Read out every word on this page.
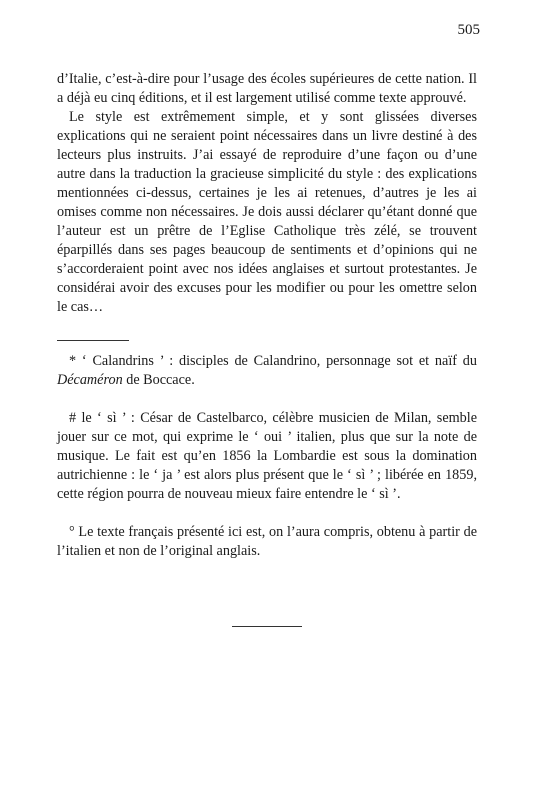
505

d’Italie, c’est-à-dire pour l’usage des écoles supérieures de cette nation. Il a déjà eu cinq éditions, et il est largement utilisé comme texte approuvé.

Le style est extrêmement simple, et y sont glissées diverses explications qui ne seraient point nécessaires dans un livre destiné à des lecteurs plus instruits. J’ai essayé de reproduire d’une façon ou d’une autre dans la traduction la gracieuse simplicité du style : des explications mentionnées ci-dessus, certaines je les ai retenues, d’autres je les ai omises comme non nécessaires. Je dois aussi déclarer qu’étant donné que l’auteur est un prêtre de l’Eglise Catholique très zélé, se trouvent éparpillés dans ses pages beaucoup de sentiments et d’opinions qui ne s’accorderaient point avec nos idées anglaises et surtout protestantes. Je considérai avoir des excuses pour les modifier ou pour les omettre selon le cas…

* ‘ Calandrins ’ : disciples de Calandrino, personnage sot et naïf du Décaméron de Boccace.

# le ‘ sì ’ : César de Castelbarco, célèbre musicien de Milan, semble jouer sur ce mot, qui exprime le ‘ oui ’ italien, plus que sur la note de musique. Le fait est qu’en 1856 la Lombardie est sous la domination autrichienne : le ‘ ja ’ est alors plus présent que le ‘ sì ’ ; libérée en 1859, cette région pourra de nouveau mieux faire entendre le ‘ sì ’.

° Le texte français présenté ici est, on l’aura compris, obtenu à partir de l’italien et non de l’original anglais.
